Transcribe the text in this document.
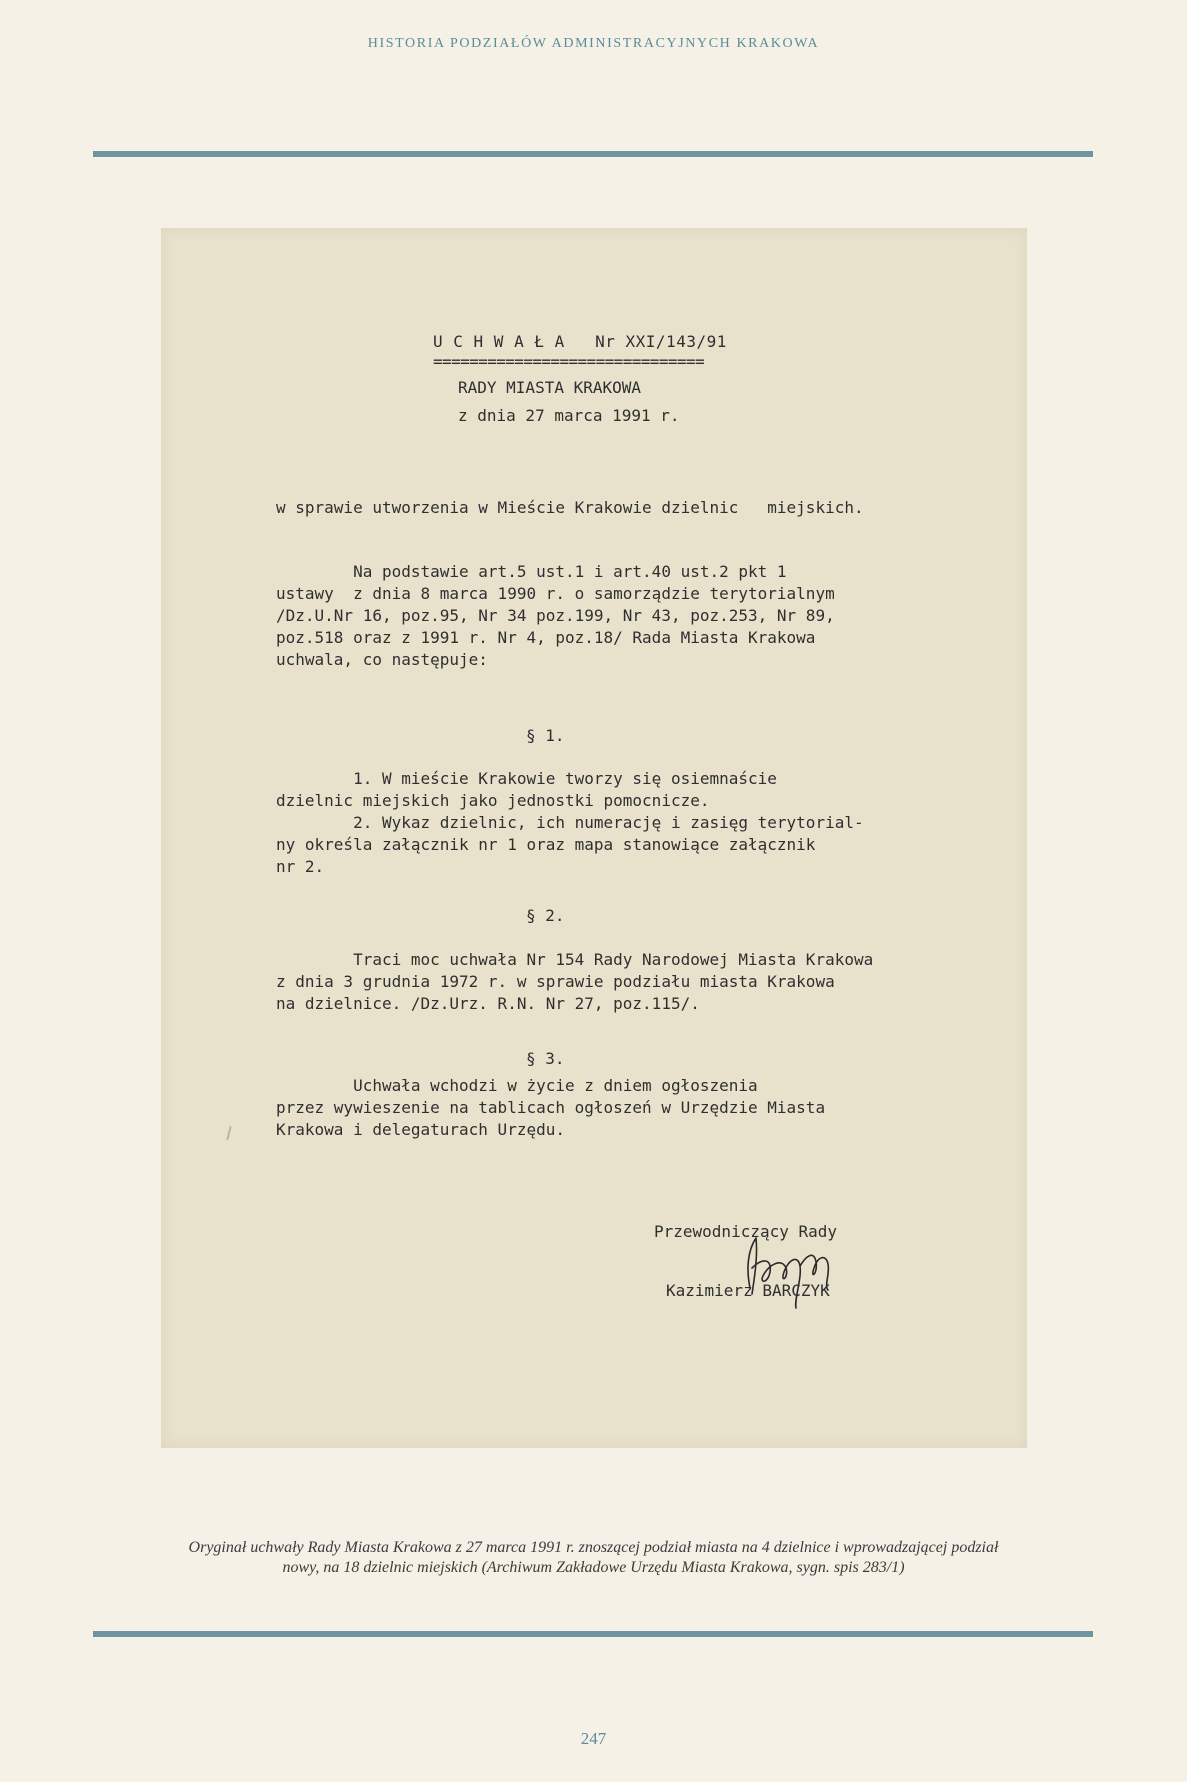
HISTORIA PODZIAŁÓW ADMINISTRACYJNYCH KRAKOWA

U C H W A Ł A   Nr XXI/143/91

==============================

RADY MIASTA KRAKOWA

z dnia 27 marca 1991 r.

w sprawie utworzenia w Mieście Krakowie dzielnic   miejskich.

Na podstawie art.5 ust.1 i art.40 ust.2 pkt 1
ustawy  z dnia 8 marca 1990 r. o samorządzie terytorialnym
/Dz.U.Nr 16, poz.95, Nr 34 poz.199, Nr 43, poz.253, Nr 89,
poz.518 oraz z 1991 r. Nr 4, poz.18/ Rada Miasta Krakowa
uchwala, co następuje:

§ 1.

1. W mieście Krakowie tworzy się osiemnaście
dzielnic miejskich jako jednostki pomocnicze.
2. Wykaz dzielnic, ich numerację i zasięg terytorial-
ny określa załącznik nr 1 oraz mapa stanowiące załącznik
nr 2.

§ 2.

Traci moc uchwała Nr 154 Rady Narodowej Miasta Krakowa
z dnia 3 grudnia 1972 r. w sprawie podziału miasta Krakowa
na dzielnice. /Dz.Urz. R.N. Nr 27, poz.115/.

§ 3.

Uchwała wchodzi w życie z dniem ogłoszenia
przez wywieszenie na tablicach ogłoszeń w Urzędzie Miasta
Krakowa i delegaturach Urzędu.

Przewodniczący Rady

Kazimierz BARCZYK

Oryginał uchwały Rady Miasta Krakowa z 27 marca 1991 r. znoszącej podział miasta na 4 dzielnice i wprowadzającej podział nowy, na 18 dzielnic miejskich (Archiwum Zakładowe Urzędu Miasta Krakowa, sygn. spis 283/1)

247
